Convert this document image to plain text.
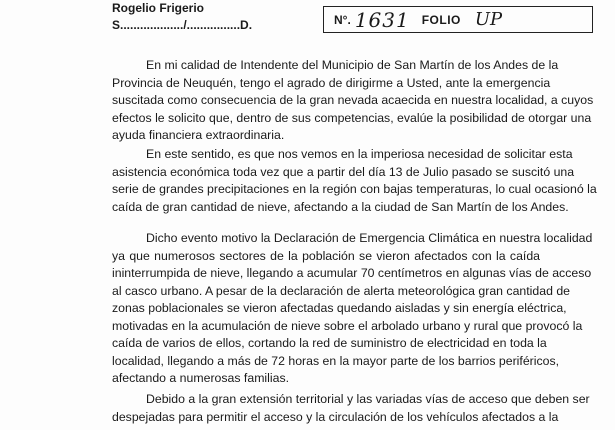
Rogelio Frigerio
S.................../................D.	N°. 1631 FOLIO UP
En mi calidad de Intendente del Municipio de San Martín de los Andes de la
Provincia de Neuquén, tengo el agrado de dirigirme a Usted, ante la emergencia
suscitada como consecuencia de la gran nevada acaecida en nuestra localidad, a cuyos
efectos le solicito que, dentro de sus competencias, evalúe la posibilidad de otorgar una
ayuda financiera extraordinaria.
En este sentido, es que nos vemos en la imperiosa necesidad de solicitar esta
asistencia económica toda vez que a partir del día 13 de Julio pasado se suscitó una
serie de grandes precipitaciones en la región con bajas temperaturas, lo cual ocasionó la
caída de gran cantidad de nieve, afectando a la ciudad de San Martín de los Andes.
Dicho evento motivo la Declaración de Emergencia Climática en nuestra localidad
ya que numerosos sectores de la población se vieron afectados con la caída
ininterrumpida de nieve, llegando a acumular 70 centímetros en algunas vías de acceso
al casco urbano. A pesar de la declaración de alerta meteorológica gran cantidad de
zonas poblacionales se vieron afectadas quedando aisladas y sin energía eléctrica,
motivadas en la acumulación de nieve sobre el arbolado urbano y rural que provocó la
caída de varios de ellos, cortando la red de suministro de electricidad en toda la
localidad, llegando a más de 72 horas en la mayor parte de los barrios periféricos,
afectando a numerosas familias.
Debido a la gran extensión territorial y las variadas vías de acceso que deben ser
despejadas para permitir el acceso y la circulación de los vehículos afectados a la
